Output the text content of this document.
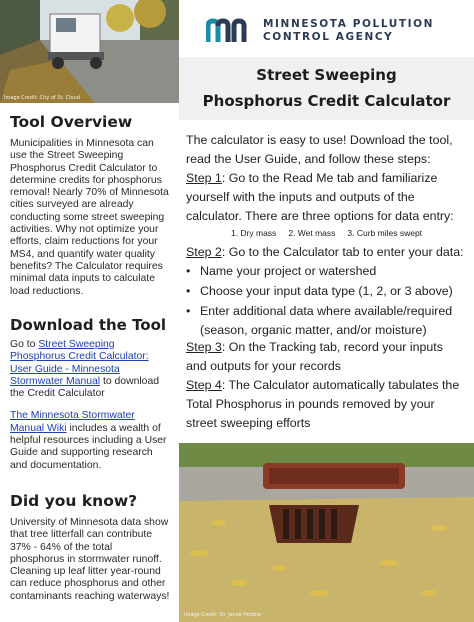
Image Credit: City of St. Cloud
Tool Overview
Municipalities in Minnesota can
use the Street Sweeping
Phosphorus Credit Calculator to
determine credits for phosphorus
removal! Nearly 70% of Minnesota
cities surveyed are already
conducting some street sweeping
activities. Why not optimize your
efforts, claim reductions for your
MS4, and quantify water quality
benefits? The Calculator requires
minimal data inputs to calculate
load reductions.
Download the Tool
Go to Street Sweeping
Phosphorus Credit Calculator:
User Guide - Minnesota
Stormwater Manual to download
the Credit Calculator
The Minnesota Stormwater
Manual Wiki includes a wealth of
helpful resources including a User
Guide and supporting research
and documentation.
Did you know?
University of Minnesota data show
that tree litterfall can contribute
37% - 64% of the total
phosphorus in stormwater runoff.
Cleaning up leaf litter year-round
can reduce phosphorus and other
contaminants reaching waterways!
MINNESOTA POLLUTION
CONTROL AGENCY
Street Sweeping
Phosphorus Credit Calculator
The calculator is easy to use! Download the tool,
read the User Guide, and follow these steps:
Step 1: Go to the Read Me tab and familiarize
yourself with the inputs and outputs of the
calculator. There are three options for data entry:
1. Dry mass 2. Wet mass 3. Curb miles swept
Step 2: Go to the Calculator tab to enter your data:
• Name your project or watershed
• Choose your input data type (1, 2, or 3 above)
• Enter additional data where available/required
(season, organic matter, and/or moisture)
Step 3: On the Tracking tab, record your inputs
and outputs for your records
Step 4: The Calculator automatically tabulates the
Total Phosphorus in pounds removed by your
street sweeping efforts
Image Credit: Dr. Jacob Hobbie
